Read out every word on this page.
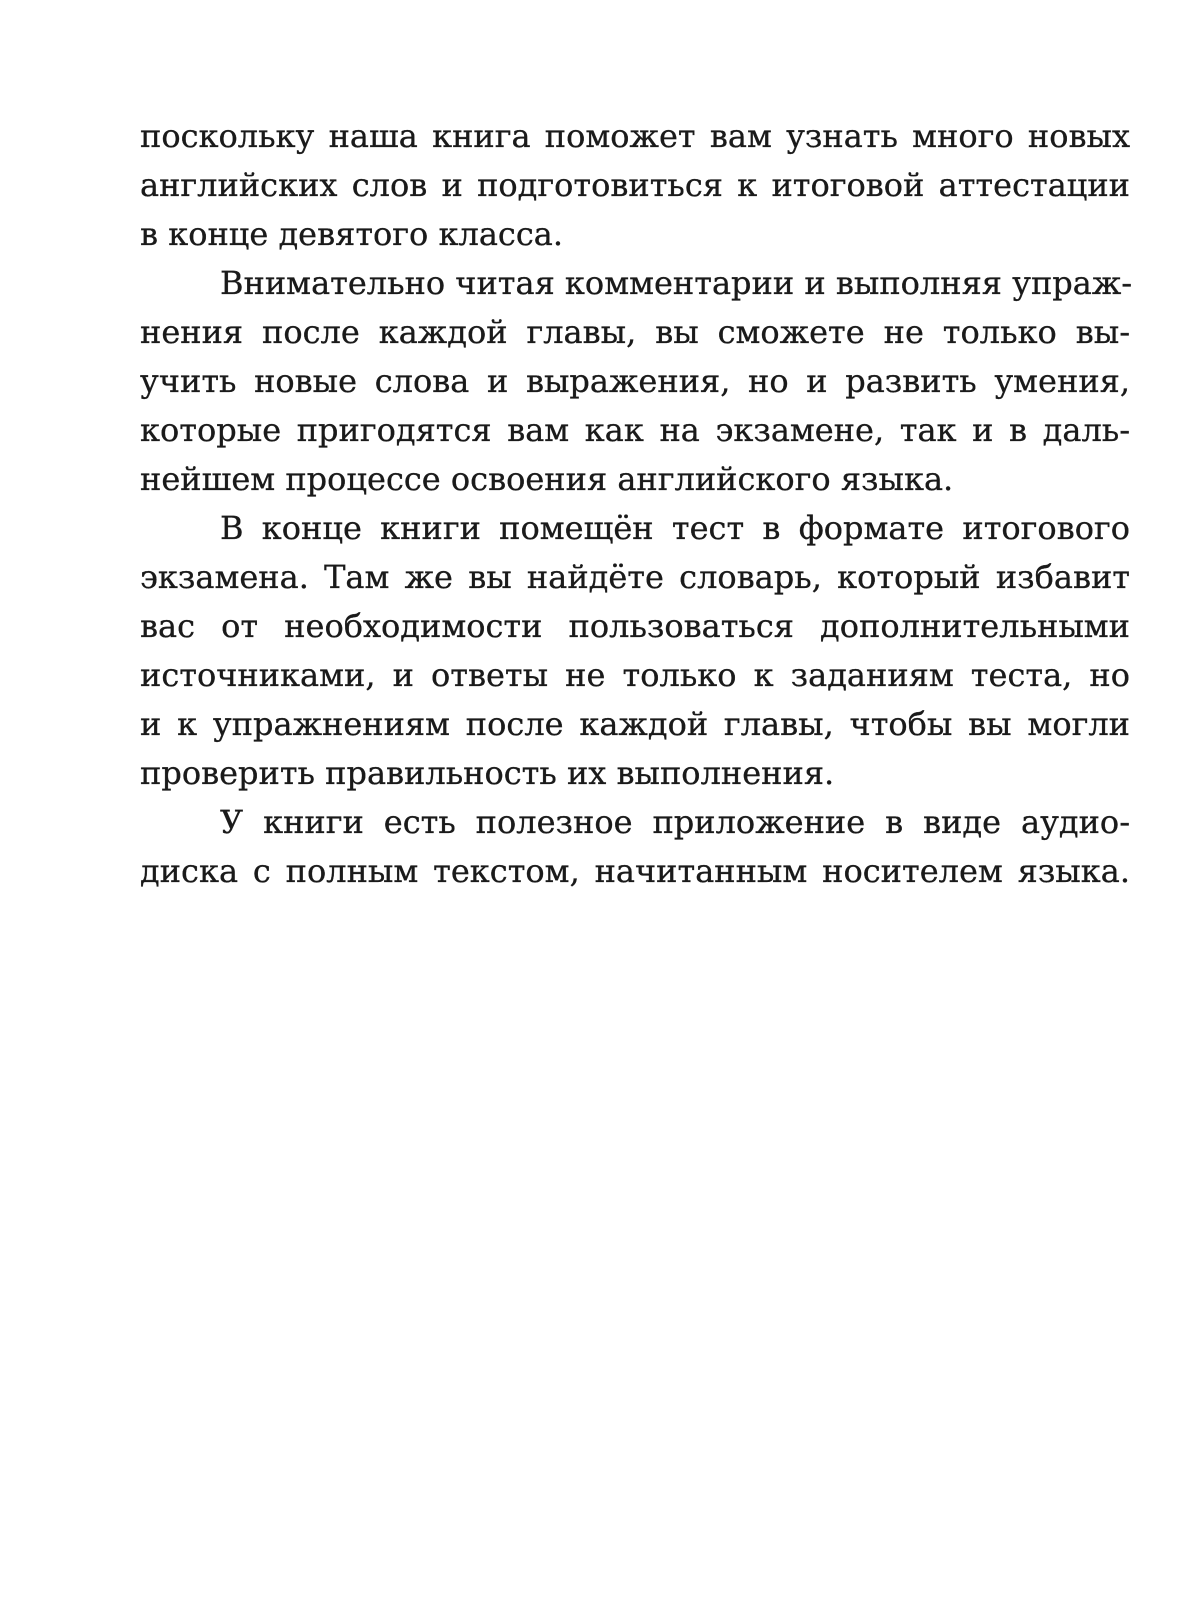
поскольку наша книга поможет вам узнать много новых
английских слов и подготовиться к итоговой аттестации
в конце девятого класса.
Внимательно читая комментарии и выполняя упраж-
нения после каждой главы, вы сможете не только вы-
учить новые слова и выражения, но и развить умения,
которые пригодятся вам как на экзамене, так и в даль-
нейшем процессе освоения английского языка.
В конце книги помещён тест в формате итогового
экзамена. Там же вы найдёте словарь, который избавит
вас от необходимости пользоваться дополнительными
источниками, и ответы не только к заданиям теста, но
и к упражнениям после каждой главы, чтобы вы могли
проверить правильность их выполнения.
У книги есть полезное приложение в виде аудио-
диска с полным текстом, начитанным носителем языка.
